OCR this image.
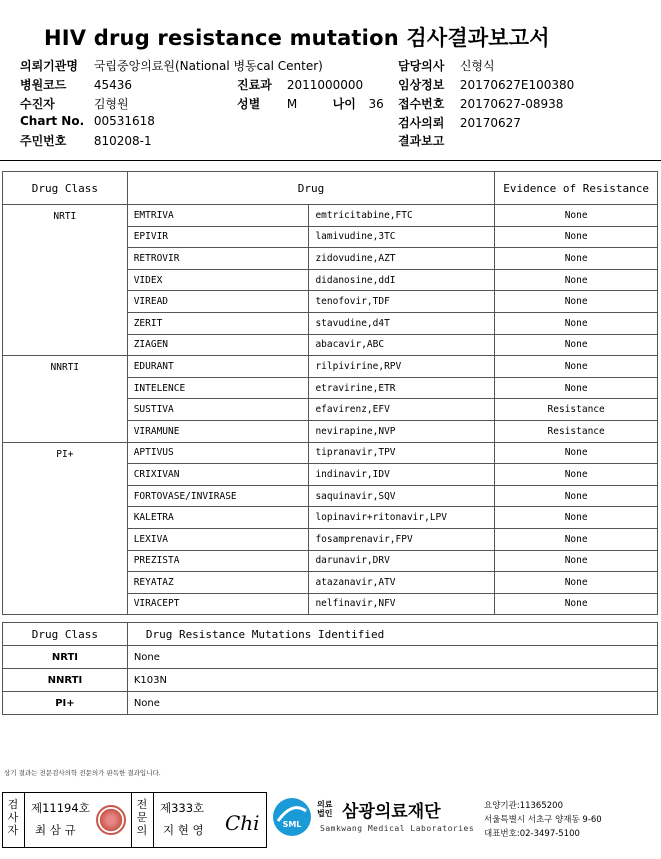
HIV drug resistance mutation 검사결과보고서
의뢰기관명 국립중앙의료원(National 병동cal Center)
병원코드 45436	진료과 2011000000
수진자	김형원	성별 M	나이 36
Chart No. 00531618
주민번호 810208-1
담당의사 신형식
임상정보 20170627E100380
접수번호 20170627-08938
검사의뢰 20170627
결과보고
Drug Class	Drug		Evidence of Resistance
NRTI	EMTRIVA	emtricitabine,FTC	None
	EPIVIR	lamivudine,3TC	None
	RETROVIR	zidovudine,AZT	None
	VIDEX	didanosine,ddI	None
	VIREAD	tenofovir,TDF	None
	ZERIT	stavudine,d4T	None
	ZIAGEN	abacavir,ABC	None
NNRTI	EDURANT	rilpivirine,RPV	None
	INTELENCE	etravirine,ETR	None
	SUSTIVA	efavirenz,EFV	Resistance
	VIRAMUNE	nevirapine,NVP	Resistance
PI+	APTIVUS	tipranavir,TPV	None
	CRIXIVAN	indinavir,IDV	None
	FORTOVASE/INVIRASE	saquinavir,SQV	None
	KALETRA	lopinavir+ritonavir,LPV	None
	LEXIVA	fosamprenavir,FPV	None
	PREZISTA	darunavir,DRV	None
	REYATAZ	atazanavir,ATV	None
	VIRACEPT	nelfinavir,NFV	None
Drug Class	Drug Resistance Mutations Identified
NRTI	None
NNRTI	K103N
PI+	None
상기 결과는 전문검사의학 전문의가 판독한 결과입니다.
검사자
제11194호
최 삼 규
전문의
제333호
지 현 영 Chi	SML
의료
법인 삼광의료재단
Samkwang Medical Laboratories
요양기관:11365200
서울특별시 서초구 양재동 9-60
대표번호:02-3497-5100
